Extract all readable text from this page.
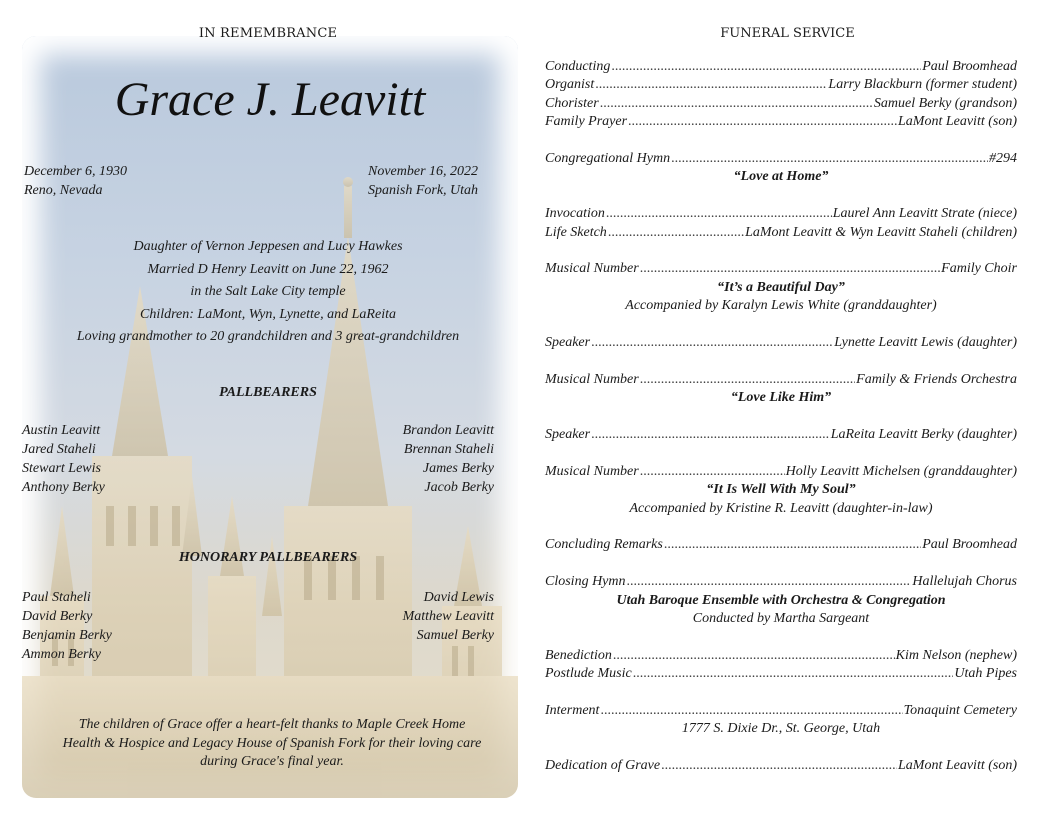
IN REMEMBRANCE
Grace J. Leavitt
December 6, 1930
Reno, Nevada
November 16, 2022
Spanish Fork, Utah
Daughter of Vernon Jeppesen and Lucy Hawkes
Married D Henry Leavitt on June 22, 1962
in the Salt Lake City temple
Children: LaMont, Wyn, Lynette, and LaReita
Loving grandmother to 20 grandchildren and 3 great-grandchildren
PALLBEARERS
Austin Leavitt
Jared Staheli
Stewart Lewis
Anthony Berky
Brandon Leavitt
Brennan Staheli
James Berky
Jacob Berky
HONORARY PALLBEARERS
Paul Staheli
David Berky
Benjamin Berky
Ammon Berky
David Lewis
Matthew Leavitt
Samuel Berky
The children of Grace offer a heart-felt thanks to Maple Creek Home
Health & Hospice and Legacy House of Spanish Fork for their loving care
during Grace's final year.
FUNERAL SERVICE
Conducting .....	Paul Broomhead
Organist .....	Larry Blackburn (former student)
Chorister .....	Samuel Berky (grandson)
Family Prayer .....	LaMont Leavitt (son)
Congregational Hymn .....	#294
“Love at Home”
Invocation .....	Laurel Ann Leavitt Strate (niece)
Life Sketch .....	LaMont Leavitt & Wyn Leavitt Staheli (children)
Musical Number .....	Family Choir
“It’s a Beautiful Day”
Accompanied by Karalyn Lewis White (granddaughter)
Speaker .....	Lynette Leavitt Lewis (daughter)
Musical Number .....	Family & Friends Orchestra
“Love Like Him”
Speaker .....	LaReita Leavitt Berky (daughter)
Musical Number .....	Holly Leavitt Michelsen (granddaughter)
“It Is Well With My Soul”
Accompanied by Kristine R. Leavitt (daughter-in-law)
Concluding Remarks .....	Paul Broomhead
Closing Hymn .....	Hallelujah Chorus
Utah Baroque Ensemble with Orchestra & Congregation
Conducted by Martha Sargeant
Benediction .....	Kim Nelson (nephew)
Postlude Music .....	Utah Pipes
Interment .....	Tonaquint Cemetery
1777 S. Dixie Dr., St. George, Utah
Dedication of Grave .....	LaMont Leavitt (son)
